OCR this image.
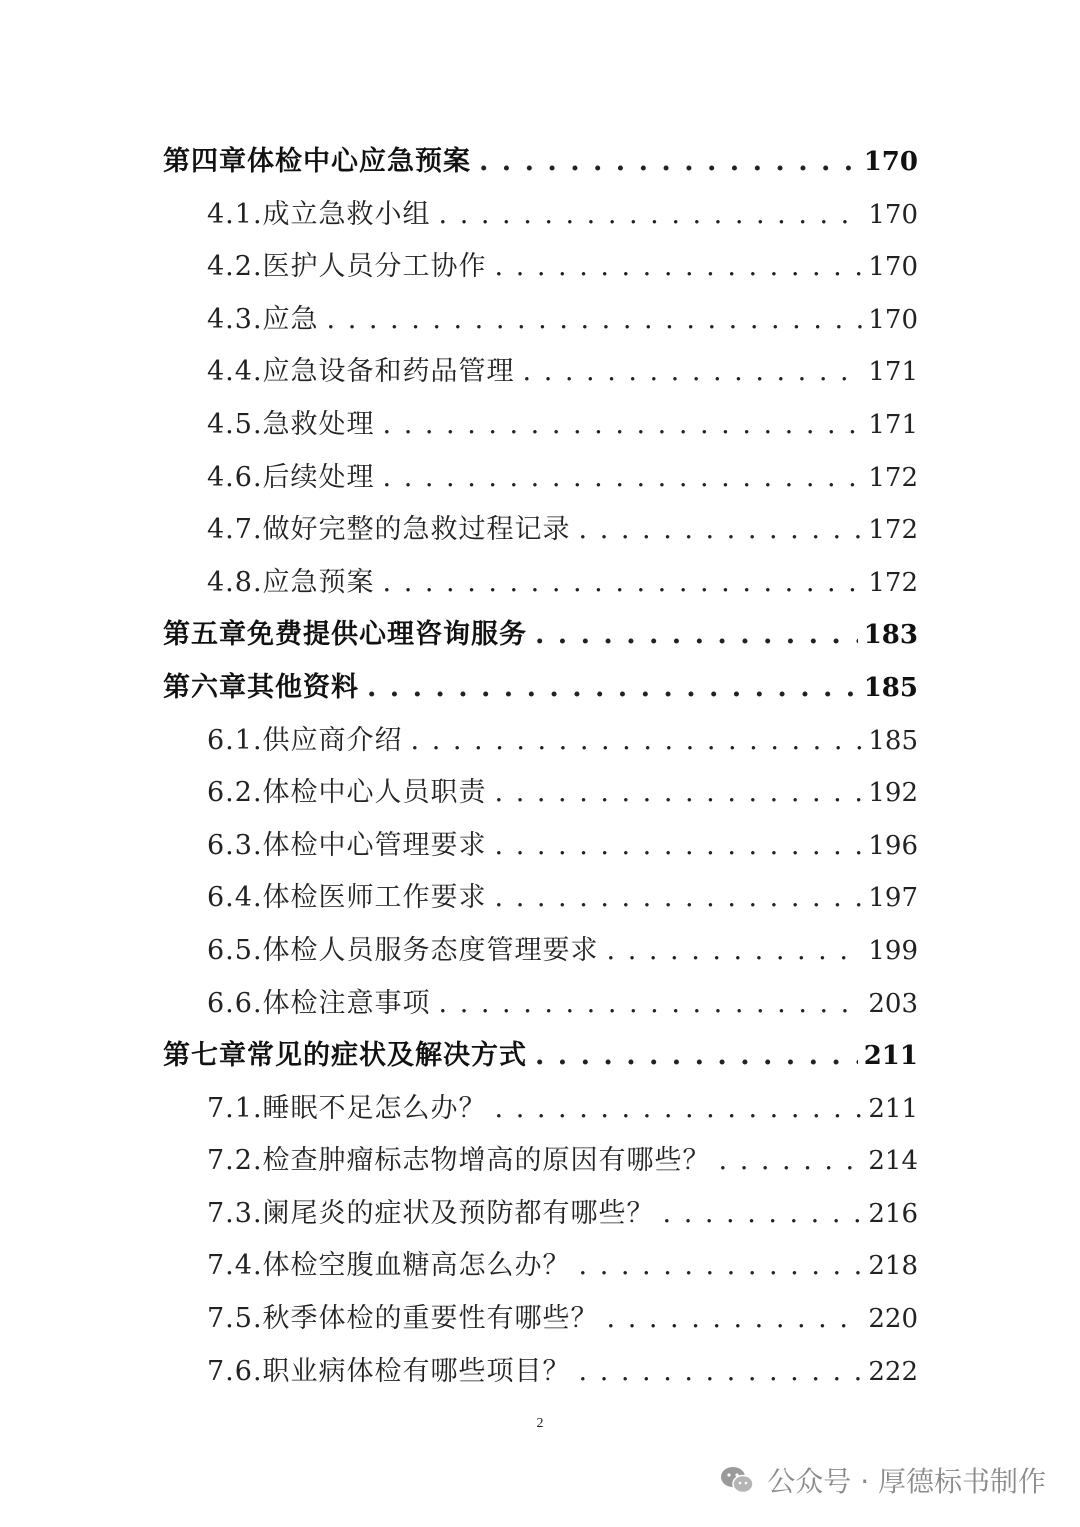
第四章 体检中心应急预案 . . .	170
4.1. 成立急救小组 . . .	170
4.2. 医护人员分工协作 . . .	170
4.3. 应急 . . .	170
4.4. 应急设备和药品管理 . . .	171
4.5. 急救处理 . . .	171
4.6. 后续处理 . . .	172
4.7. 做好完整的急救过程记录 . . .	172
4.8. 应急预案 . . .	172
第五章 免费提供心理咨询服务 . . .	183
第六章 其他资料 . . .	185
6.1. 供应商介绍 . . .	185
6.2. 体检中心人员职责 . . .	192
6.3. 体检中心管理要求 . . .	196
6.4. 体检医师工作要求 . . .	197
6.5. 体检人员服务态度管理要求 . . .	199
6.6. 体检注意事项 . . .	203
第七章 常见的症状及解决方式 . . .	211
7.1. 睡眠不足怎么办？ . . .	211
7.2. 检查肿瘤标志物增高的原因有哪些？ . . .	214
7.3. 阑尾炎的症状及预防都有哪些？ . . .	216
7.4. 体检空腹血糖高怎么办？ . . .	218
7.5. 秋季体检的重要性有哪些？ . . .	220
7.6. 职业病体检有哪些项目？ . . .	222
2
公众号 · 厚德标书制作
